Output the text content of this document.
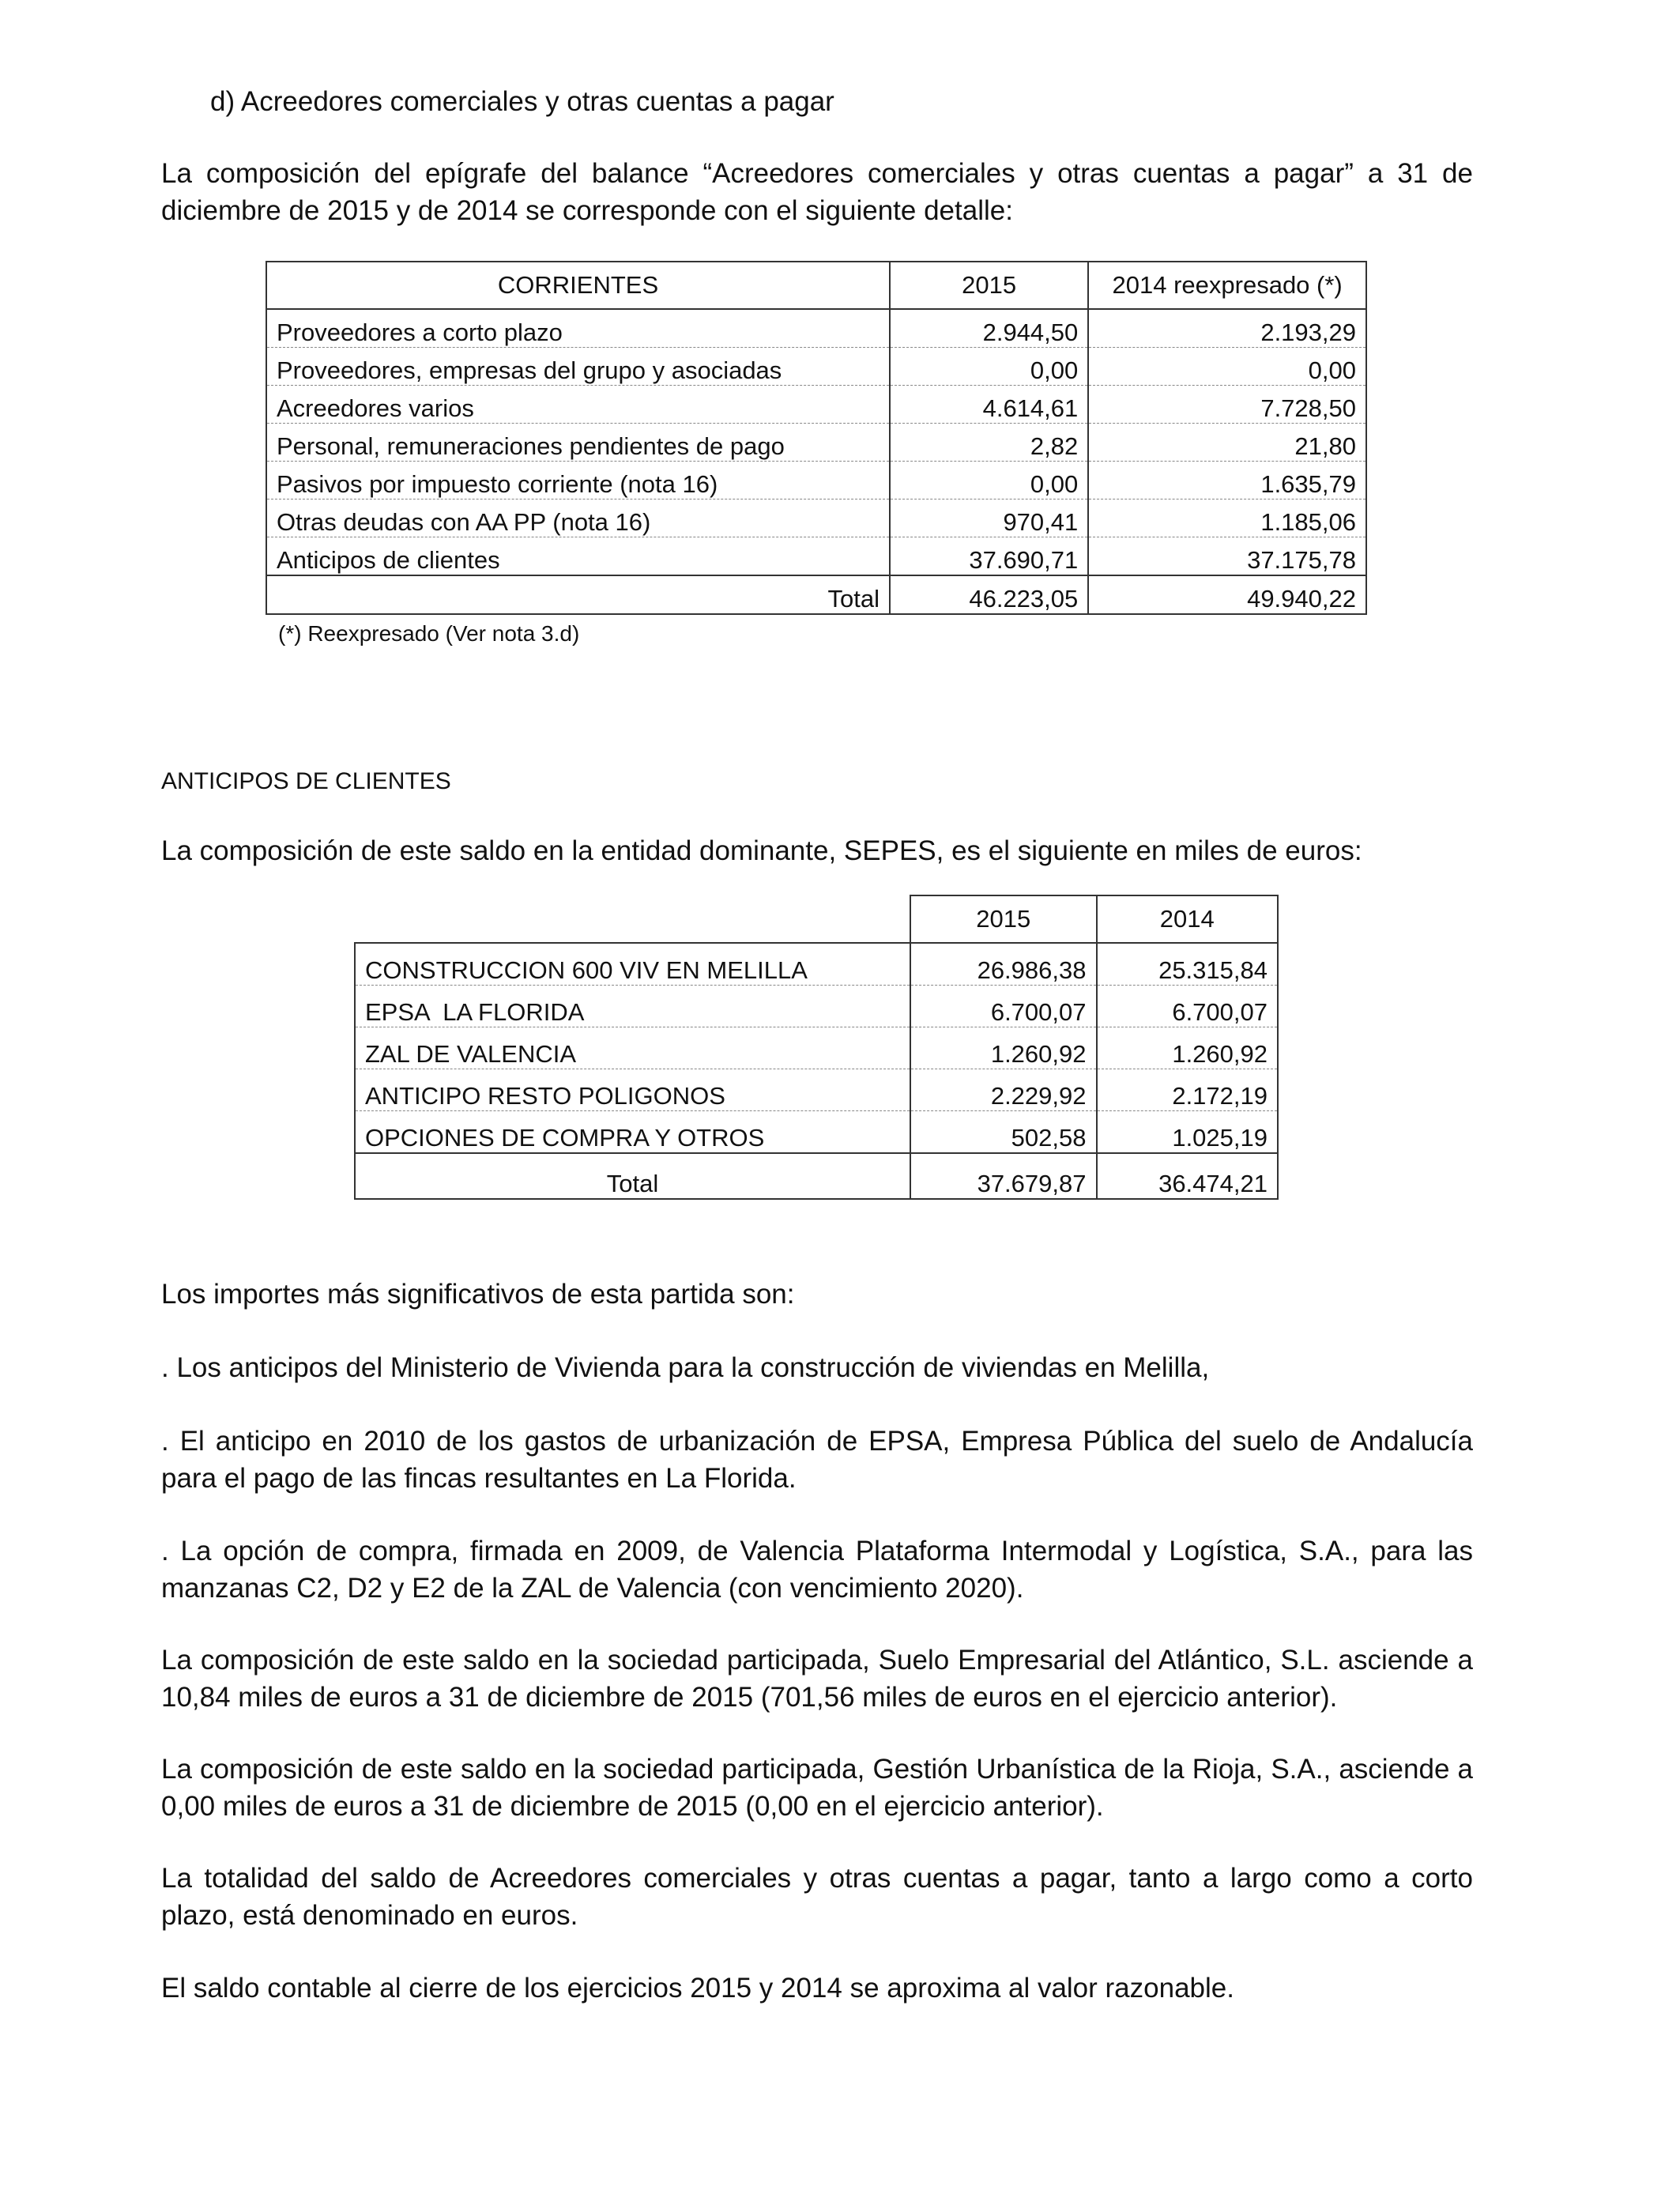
d) Acreedores comerciales y otras cuentas a pagar

La composición del epígrafe del balance “Acreedores comerciales y otras cuentas a pagar” a 31 de diciembre de 2015 y de 2014 se corresponde con el siguiente detalle:

CORRIENTES	2015	2014 reexpresado (*)
Proveedores a corto plazo	2.944,50	2.193,29
Proveedores, empresas del grupo y asociadas	0,00	0,00
Acreedores varios	4.614,61	7.728,50
Personal, remuneraciones pendientes de pago	2,82	21,80
Pasivos por impuesto corriente (nota 16)	0,00	1.635,79
Otras deudas con AA PP (nota 16)	970,41	1.185,06
Anticipos de clientes	37.690,71	37.175,78
Total	46.223,05	49.940,22
(*) Reexpresado (Ver nota 3.d)

ANTICIPOS DE CLIENTES

La composición de este saldo en la entidad dominante, SEPES, es el siguiente en miles de euros:

	2015	2014
CONSTRUCCION 600 VIV EN MELILLA	26.986,38	25.315,84
EPSA  LA FLORIDA	6.700,07	6.700,07
ZAL DE VALENCIA	1.260,92	1.260,92
ANTICIPO RESTO POLIGONOS	2.229,92	2.172,19
OPCIONES DE COMPRA Y OTROS	502,58	1.025,19
Total	37.679,87	36.474,21

Los importes más significativos de esta partida son:

. Los anticipos del Ministerio de Vivienda para la construcción de viviendas en Melilla,

. El anticipo en 2010 de los gastos de urbanización de EPSA, Empresa Pública del suelo de Andalucía para el pago de las fincas resultantes en La Florida.

. La opción de compra, firmada en 2009, de Valencia Plataforma Intermodal y Logística, S.A., para las manzanas C2, D2 y E2 de la ZAL de Valencia (con vencimiento 2020).

La composición de este saldo en la sociedad participada, Suelo Empresarial del Atlántico, S.L. asciende a 10,84 miles de euros a 31 de diciembre de 2015 (701,56 miles de euros en el ejercicio anterior).

La composición de este saldo en la sociedad participada, Gestión Urbanística de la Rioja, S.A., asciende a 0,00 miles de euros a 31 de diciembre de 2015 (0,00 en el ejercicio anterior).

La totalidad del saldo de Acreedores comerciales y otras cuentas a pagar, tanto a largo como a corto plazo, está denominado en euros.

El saldo contable al cierre de los ejercicios 2015 y 2014 se aproxima al valor razonable.
